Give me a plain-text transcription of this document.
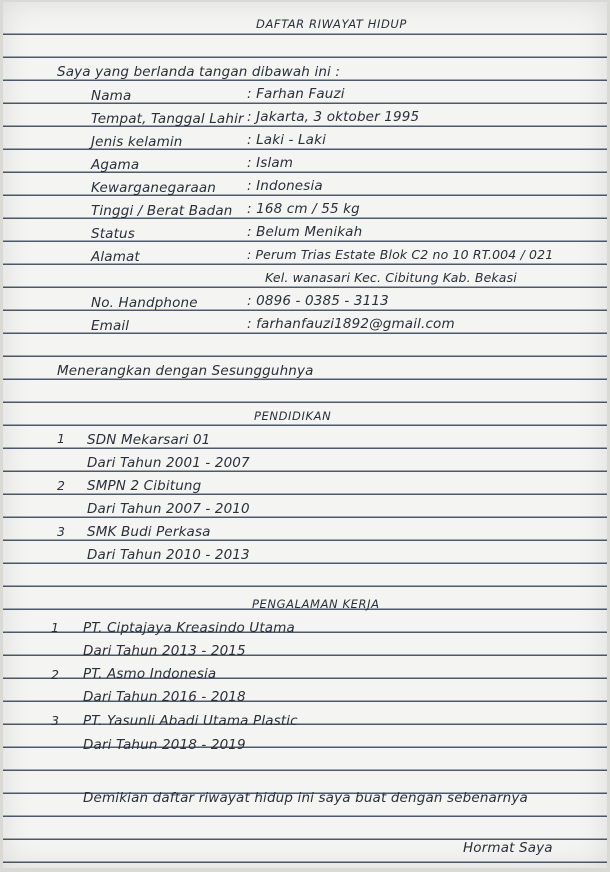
DAFTAR RIWAYAT HIDUP
Saya yang berlanda tangan dibawah ini :
Nama	: Farhan Fauzi
Tempat, Tanggal Lahir : Jakarta, 3 oktober 1995
Jenis kelamin	: Laki - Laki
Agama	: Islam
Kewarganegaraan : Indonesia
Tinggi / Berat Badan : 168 cm / 55 kg
Status	: Belum Menikah
Alamat	: Perum Trias Estate Blok C2 no 10 RT.004 / 021
Kel. wanasari Kec. Cibitung Kab. Bekasi
No. Handphone	: 0896 - 0385 - 3113
Email	: farhanfauzi1892@gmail.com
Menerangkan dengan Sesungguhnya
PENDIDIKAN
1 SDN Mekarsari 01
Dari Tahun 2001 - 2007
2 SMPN 2 Cibitung
Dari Tahun 2007 - 2010
3 SMK Budi Perkasa
Dari Tahun 2010 - 2013
PENGALAMAN KERJA
1 PT. Ciptajaya Kreasindo Utama
Dari Tahun 2013 - 2015
2 PT. Asmo Indonesia
Dari Tahun 2016 - 2018
3 PT. Yasunli Abadi Utama Plastic
Dari Tahun 2018 - 2019
Demikian daftar riwayat hidup ini saya buat dengan sebenarnya
Hormat Saya
